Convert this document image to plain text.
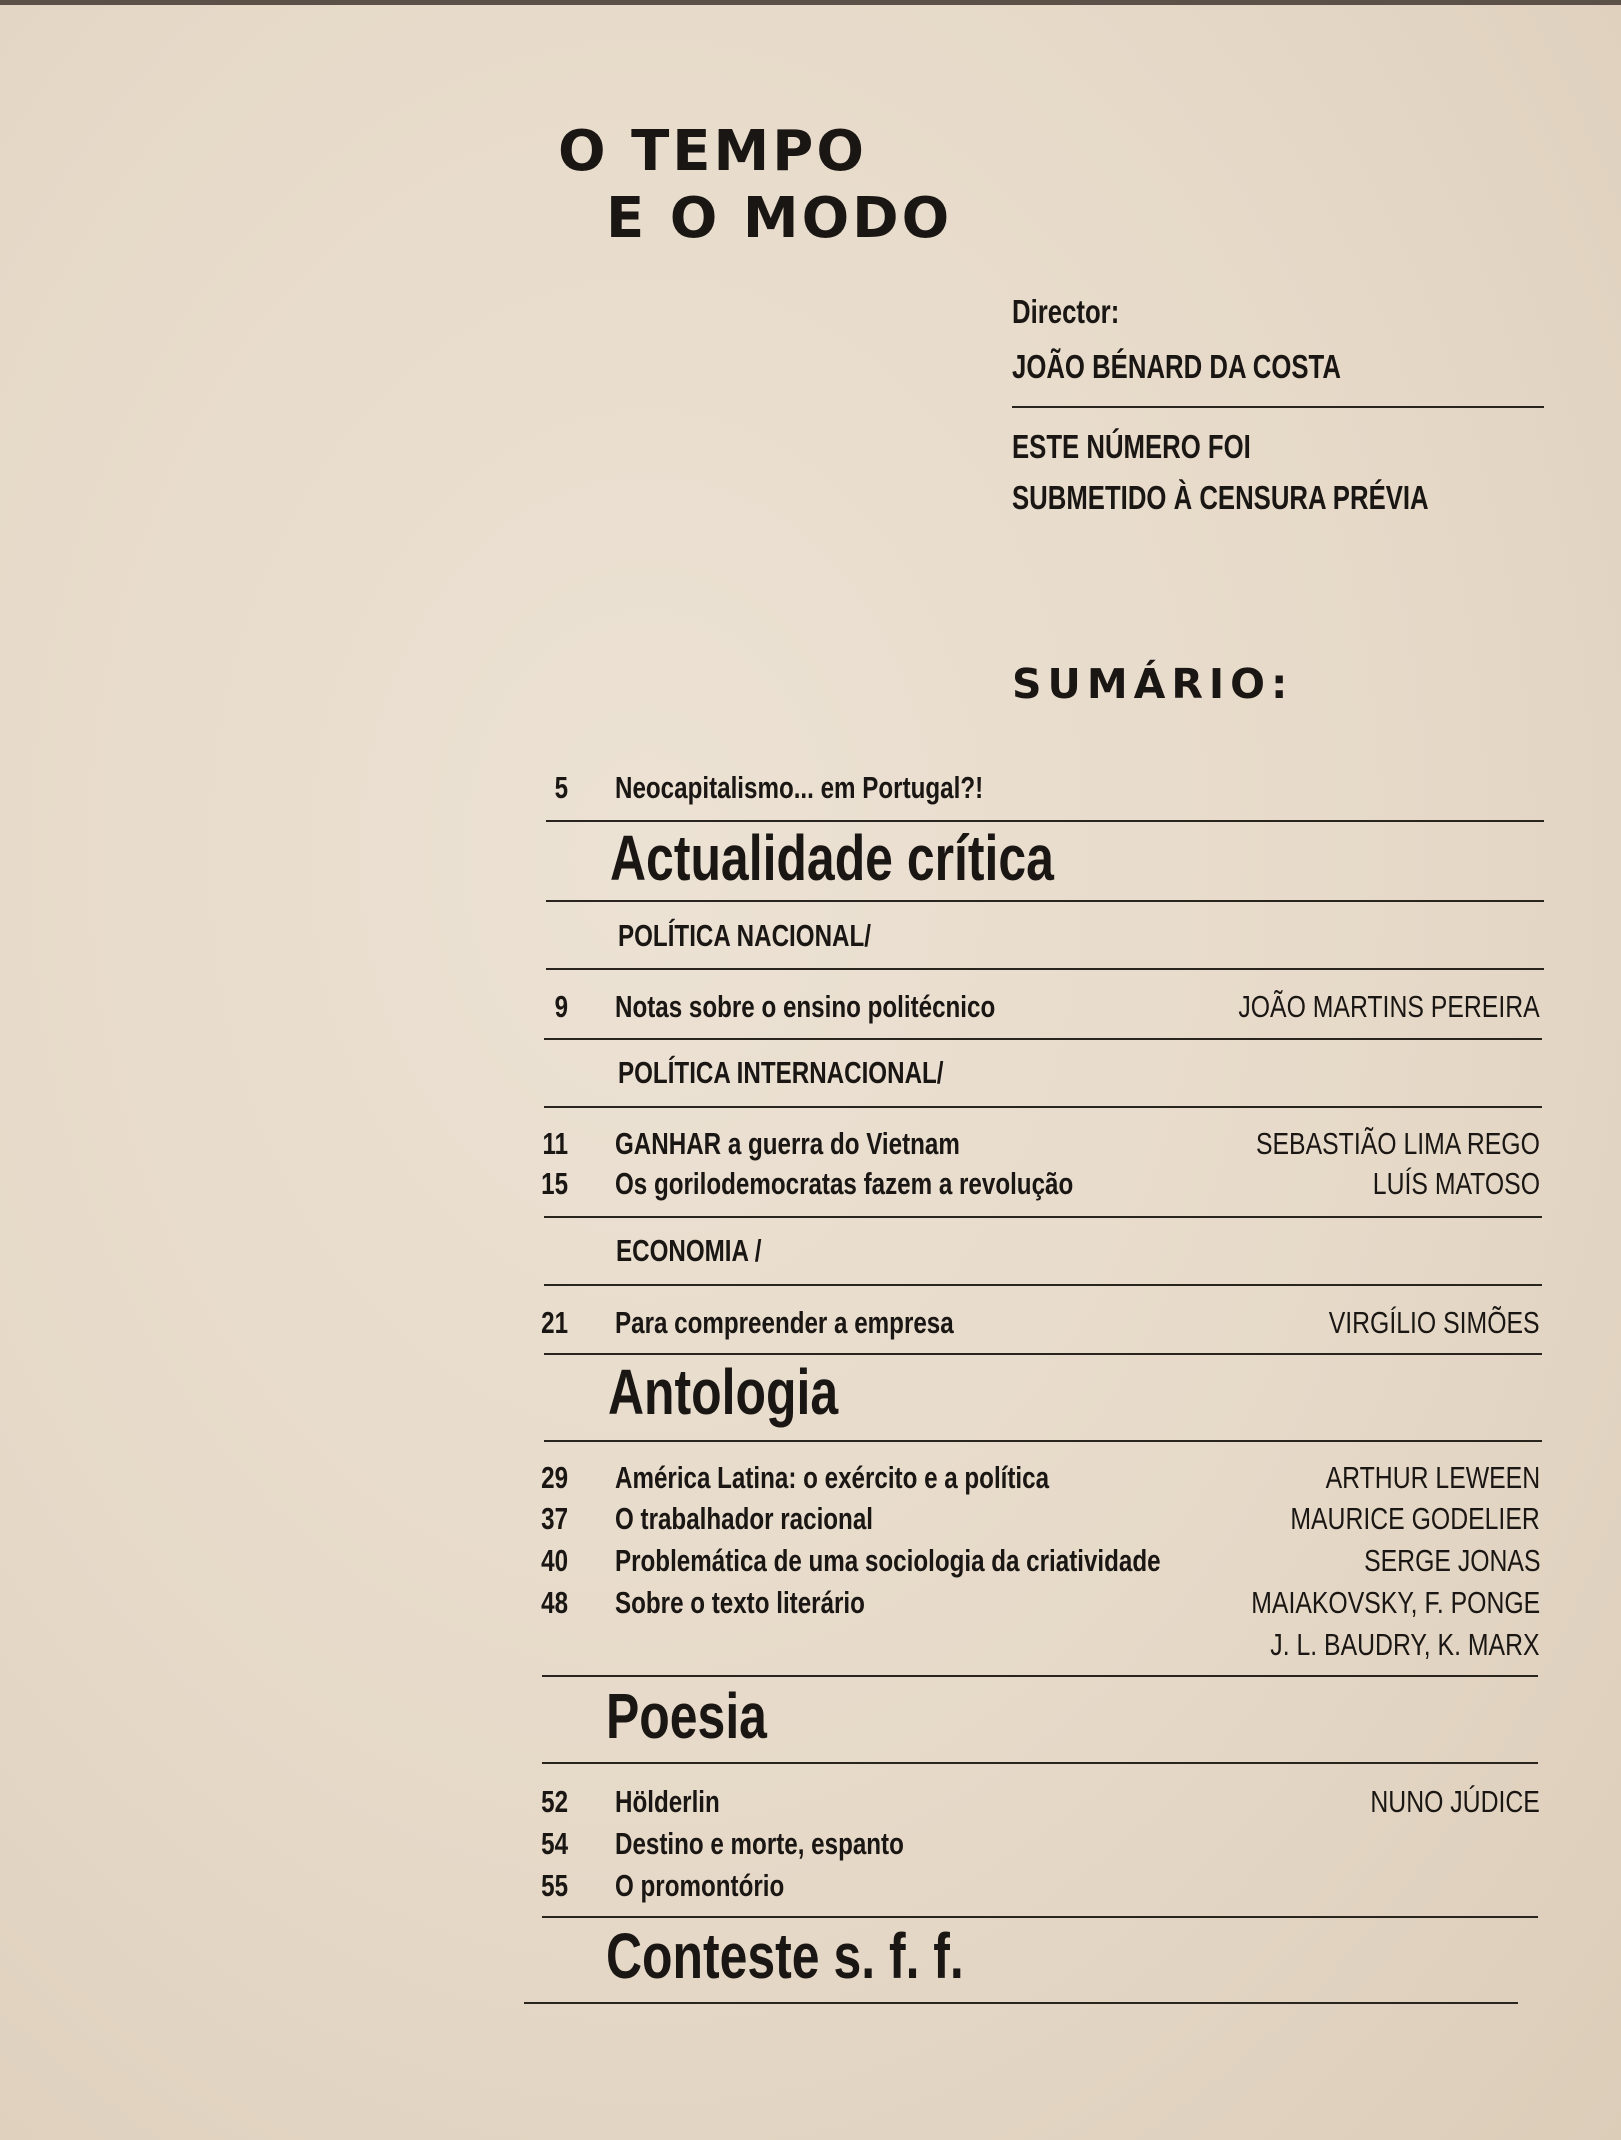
O TEMPO
E O MODO
Director:
JOÃO BÉNARD DA COSTA
ESTE NÚMERO FOI
SUBMETIDO À CENSURA PRÉVIA
SUMÁRIO:
5 Neocapitalismo... em Portugal?!
Actualidade crítica
POLÍTICA NACIONAL/
9 Notas sobre o ensino politécnico	JOÃO MARTINS PEREIRA
POLÍTICA INTERNACIONAL/
11 GANHAR a guerra do Vietnam	SEBASTIÃO LIMA REGO
15 Os gorilodemocratas fazem a revolução	LUÍS MATOSO
ECONOMIA /
21 Para compreender a empresa	VIRGÍLIO SIMÕES
Antologia
29 América Latina: o exército e a política	ARTHUR LEWEEN
37 O trabalhador racional	MAURICE GODELIER
40 Problemática de uma sociologia da criatividade	SERGE JONAS
48 Sobre o texto literário	MAIAKOVSKY, F. PONGE
J. L. BAUDRY, K. MARX
Poesia
52 Hölderlin	NUNO JÚDICE
54 Destino e morte, espanto
55 O promontório
Conteste s. f. f.
